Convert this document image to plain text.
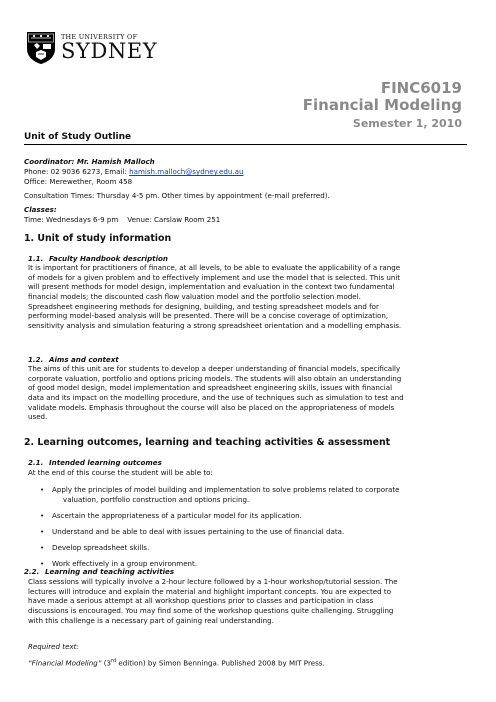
THE UNIVERSITY OF
SYDNEY
FINC6019
Financial Modeling
Semester 1, 2010
Unit of Study Outline
Coordinator: Mr. Hamish Malloch
Phone: 02 9036 6273, Email: hamish.malloch@sydney.edu.au
Office: Merewether, Room 458
Consultation Times: Thursday 4-5 pm. Other times by appointment (e-mail preferred).
Classes:
Time: Wednesdays 6-9 pm    Venue: Carslaw Room 251
1. Unit of study information
1.1. Faculty Handbook description
It is important for practitioners of finance, at all levels, to be able to evaluate the applicability of a range
of models for a given problem and to effectively implement and use the model that is selected. This unit
will present methods for model design, implementation and evaluation in the context two fundamental
financial models; the discounted cash flow valuation model and the portfolio selection model.
Spreadsheet engineering methods for designing, building, and testing spreadsheet models and for
performing model-based analysis will be presented. There will be a concise coverage of optimization,
sensitivity analysis and simulation featuring a strong spreadsheet orientation and a modelling emphasis.
1.2. Aims and context
The aims of this unit are for students to develop a deeper understanding of financial models, specifically
corporate valuation, portfolio and options pricing models. The students will also obtain an understanding
of good model design, model implementation and spreadsheet engineering skills, issues with financial
data and its impact on the modelling procedure, and the use of techniques such as simulation to test and
validate models. Emphasis throughout the course will also be placed on the appropriateness of models
used.
2. Learning outcomes, learning and teaching activities & assessment
2.1. Intended learning outcomes
At the end of this course the student will be able to:
• Apply the principles of model building and implementation to solve problems related to corporate
valuation, portfolio construction and options pricing.
• Ascertain the appropriateness of a particular model for its application.
• Understand and be able to deal with issues pertaining to the use of financial data.
• Develop spreadsheet skills.
• Work effectively in a group environment.
2.2. Learning and teaching activities
Class sessions will typically involve a 2-hour lecture followed by a 1-hour workshop/tutorial session. The
lectures will introduce and explain the material and highlight important concepts. You are expected to
have made a serious attempt at all workshop questions prior to classes and participation in class
discussions is encouraged. You may find some of the workshop questions quite challenging. Struggling
with this challenge is a necessary part of gaining real understanding.
Required text:
“Financial Modeling” (3rd edition) by Simon Benninga. Published 2008 by MIT Press.
